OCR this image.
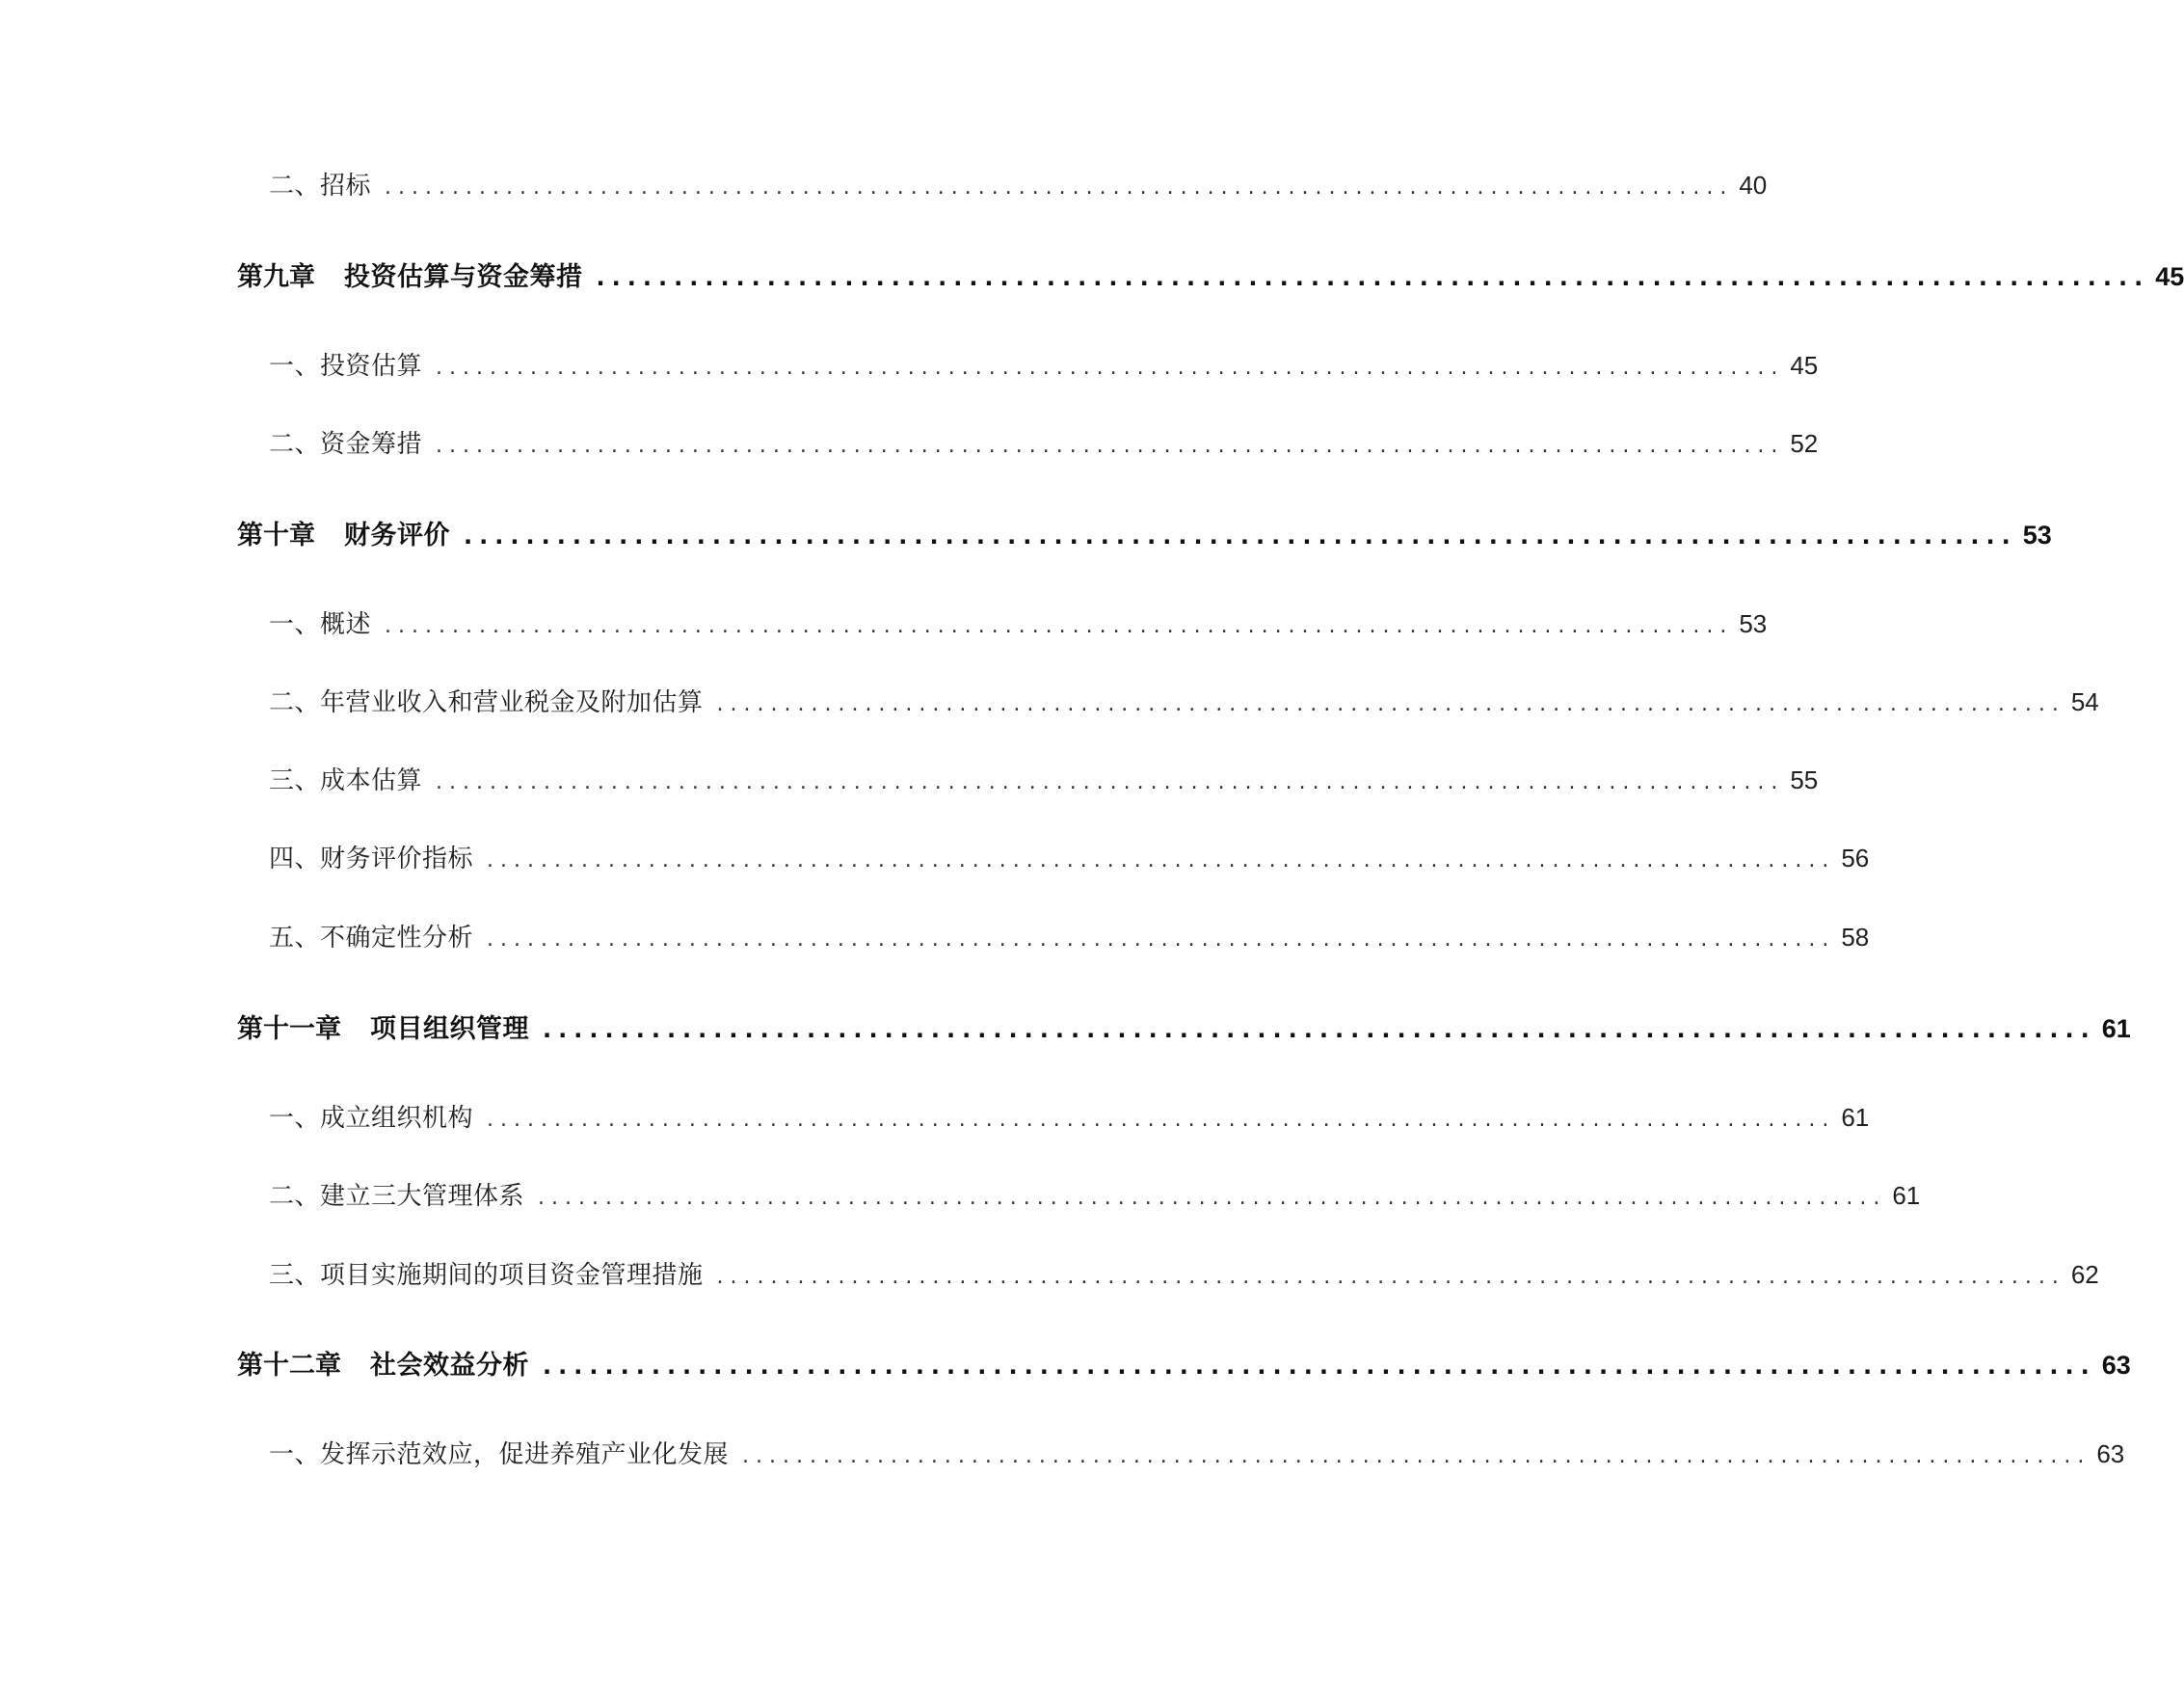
二、招标 .................................................................................................... 40
第九章 投资估算与资金筹措 .................................................................................................... 45
一、投资估算 .................................................................................................... 45
二、资金筹措 .................................................................................................... 52
第十章 财务评价 .................................................................................................... 53
一、概述 .................................................................................................... 53
二、年营业收入和营业税金及附加估算 .................................................................................................... 54
三、成本估算 .................................................................................................... 55
四、财务评价指标 .................................................................................................... 56
五、不确定性分析 .................................................................................................... 58
第十一章 项目组织管理 .................................................................................................... 61
一、成立组织机构 .................................................................................................... 61
二、建立三大管理体系 .................................................................................................... 61
三、项目实施期间的项目资金管理措施 .................................................................................................... 62
第十二章 社会效益分析 .................................................................................................... 63
一、发挥示范效应，促进养殖产业化发展 .................................................................................................... 63
